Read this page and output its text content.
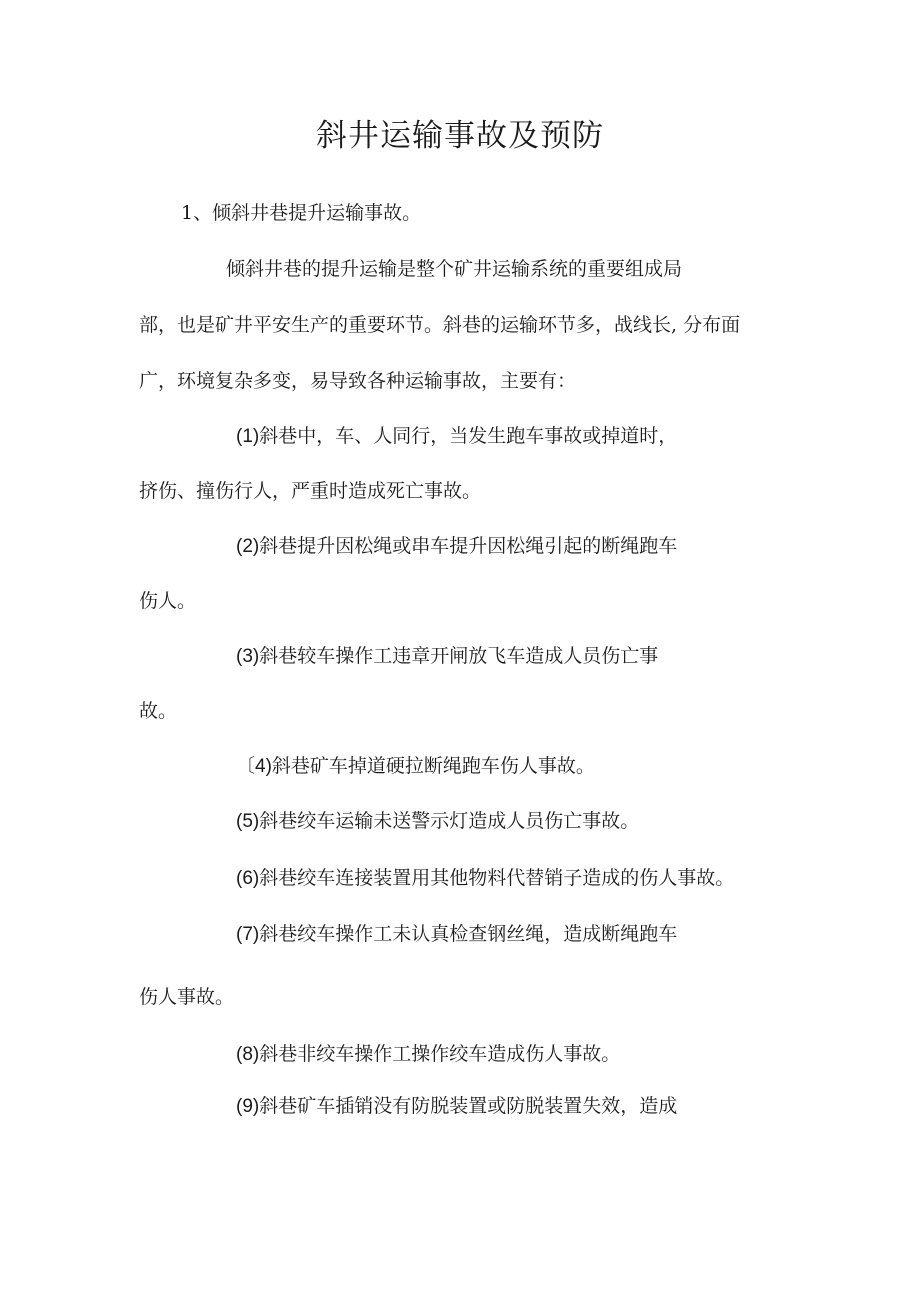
斜井运输事故及预防

1、倾斜井巷提升运输事故。

倾斜井巷的提升运输是整个矿井运输系统的重要组成局

部，也是矿井平安生产的重要环节。斜巷的运输环节多，战线长, 分布面

广，环境复杂多变，易导致各种运输事故，主要有：

(1)斜巷中，车、人同行，当发生跑车事故或掉道时，

挤伤、撞伤行人，严重时造成死亡事故。

(2)斜巷提升因松绳或串车提升因松绳引起的断绳跑车

伤人。

(3)斜巷较车操作工违章开闸放飞车造成人员伤亡事

故。

〔4)斜巷矿车掉道硬拉断绳跑车伤人事故。

(5)斜巷绞车运输未送警示灯造成人员伤亡事故。

(6)斜巷绞车连接装置用其他物料代替销子造成的伤人事故。

(7)斜巷绞车操作工未认真检查钢丝绳，造成断绳跑车

伤人事故。

(8)斜巷非绞车操作工操作绞车造成伤人事故。

(9)斜巷矿车插销没有防脱装置或防脱装置失效，造成
